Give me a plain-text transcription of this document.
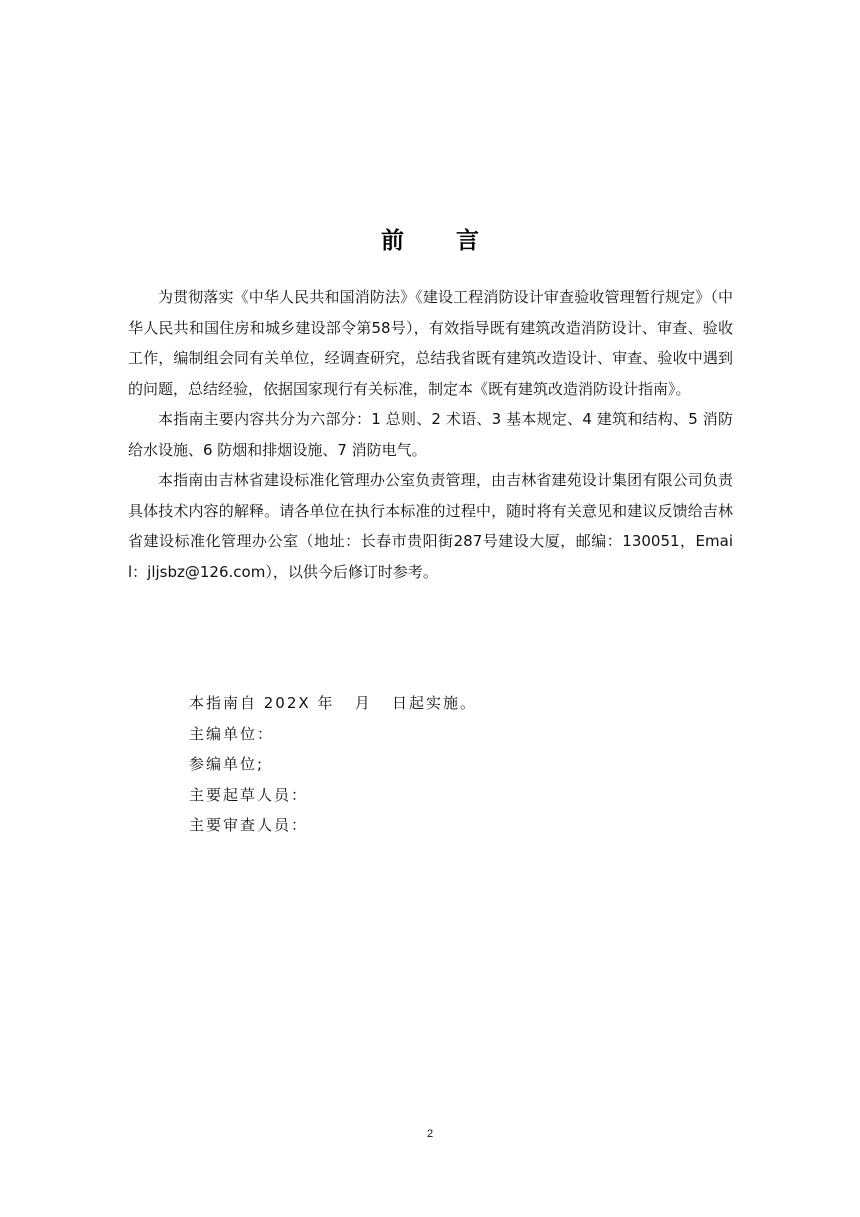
前 言

为贯彻落实《中华人民共和国消防法》《建设工程消防设计审查验收管理暂行规定》（中华人民共和国住房和城乡建设部令第58号），有效指导既有建筑改造消防设计、审查、验收工作，编制组会同有关单位，经调查研究，总结我省既有建筑改造设计、审查、验收中遇到的问题，总结经验，依据国家现行有关标准，制定本《既有建筑改造消防设计指南》。

本指南主要内容共分为六部分：1 总则、2 术语、3 基本规定、4 建筑和结构、5 消防给水设施、6 防烟和排烟设施、7 消防电气。

本指南由吉林省建设标准化管理办公室负责管理，由吉林省建苑设计集团有限公司负责具体技术内容的解释。请各单位在执行本标准的过程中，随时将有关意见和建议反馈给吉林省建设标准化管理办公室（地址：长春市贵阳街287号建设大厦，邮编：130051，Email：jljsbz@126.com），以供今后修订时参考。

本指南自 202X 年   月   日起实施。
主编单位：
参编单位;
主要起草人员：
主要审查人员：
2
